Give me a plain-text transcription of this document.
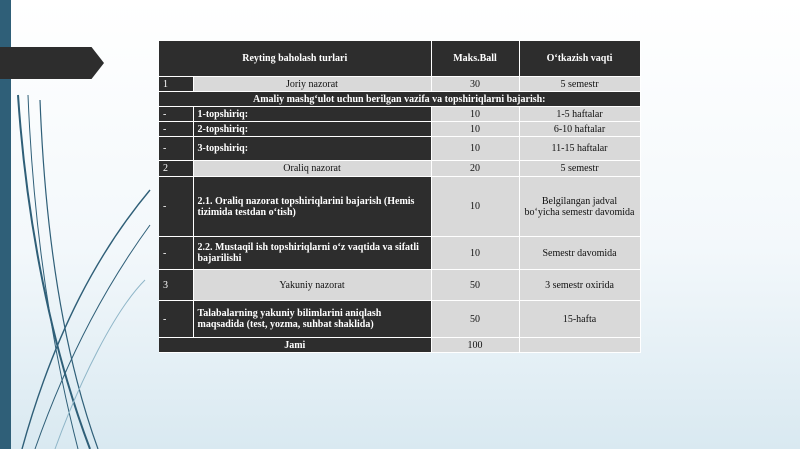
Reyting baholash turlari		Maks.Ball	O‘tkazish vaqti
1	Joriy nazorat	30	5 semestr
Amaliy mashg‘ulot uchun berilgan vazifa va topshiriqlarni bajarish:			
-	1-topshiriq:	10	1-5 haftalar
-	2-topshiriq:	10	6-10 haftalar
-	3-topshiriq:	10	11-15 haftalar
2	Oraliq nazorat	20	5 semestr
-	2.1. Oraliq nazorat topshiriqlarini bajarish (Hemis tizimida testdan o‘tish)	10	Belgilangan jadval bo‘yicha semestr davomida
-	2.2. Mustaqil ish topshiriqlarni o‘z vaqtida va sifatli bajarilishi	10	Semestr davomida
3	Yakuniy nazorat	50	3 semestr oxirida
-	Talabalarning yakuniy bilimlarini aniqlash maqsadida (test, yozma, suhbat shaklida)	50	15-hafta
Jami		100	
